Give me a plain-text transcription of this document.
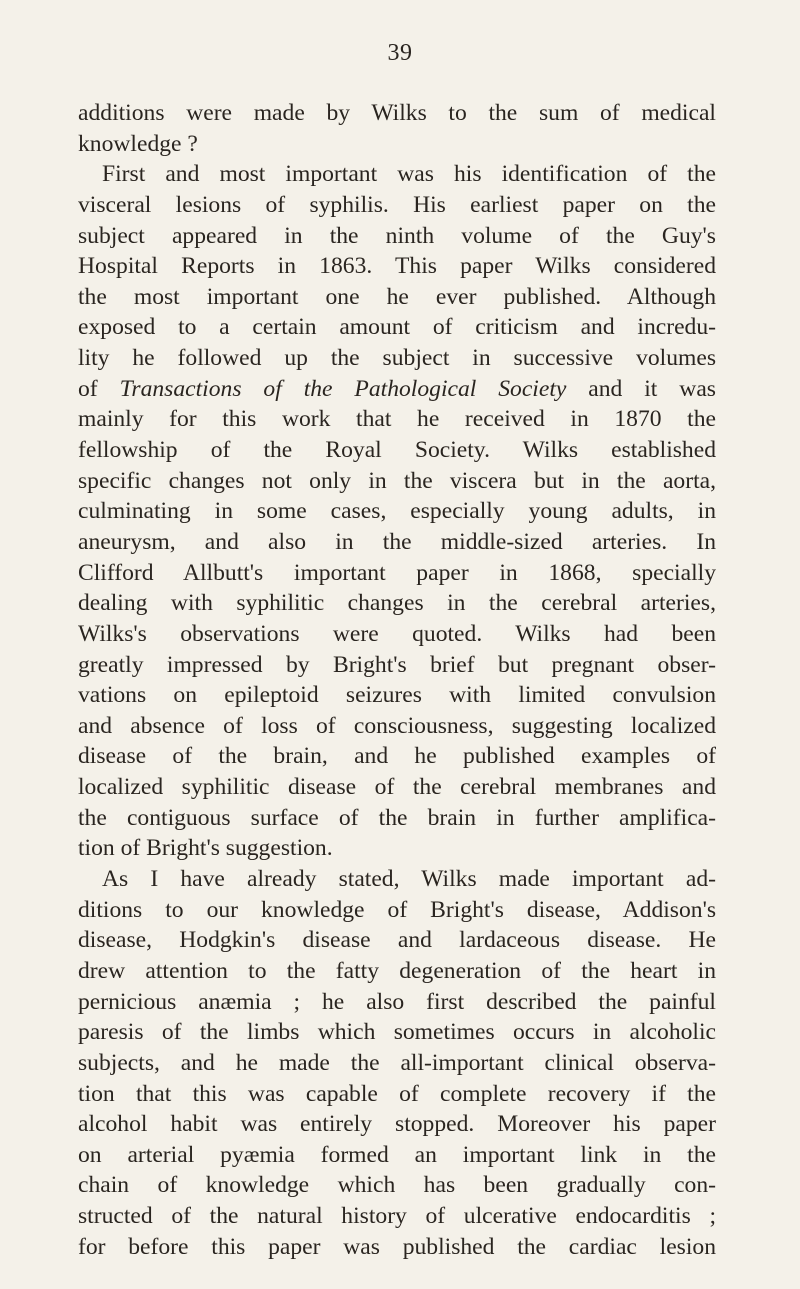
39
additions were made by Wilks to the sum of medical
knowledge ?
First and most important was his identification of the
visceral lesions of syphilis. His earliest paper on the
subject appeared in the ninth volume of the Guy's
Hospital Reports in 1863. This paper Wilks considered
the most important one he ever published. Although
exposed to a certain amount of criticism and incredu-
lity he followed up the subject in successive volumes
of Transactions of the Pathological Society and it was
mainly for this work that he received in 1870 the
fellowship of the Royal Society. Wilks established
specific changes not only in the viscera but in the aorta,
culminating in some cases, especially young adults, in
aneurysm, and also in the middle-sized arteries. In
Clifford Allbutt's important paper in 1868, specially
dealing with syphilitic changes in the cerebral arteries,
Wilks's observations were quoted. Wilks had been
greatly impressed by Bright's brief but pregnant obser-
vations on epileptoid seizures with limited convulsion
and absence of loss of consciousness, suggesting localized
disease of the brain, and he published examples of
localized syphilitic disease of the cerebral membranes and
the contiguous surface of the brain in further amplifica-
tion of Bright's suggestion.
As I have already stated, Wilks made important ad-
ditions to our knowledge of Bright's disease, Addison's
disease, Hodgkin's disease and lardaceous disease. He
drew attention to the fatty degeneration of the heart in
pernicious anæmia ; he also first described the painful
paresis of the limbs which sometimes occurs in alcoholic
subjects, and he made the all-important clinical observa-
tion that this was capable of complete recovery if the
alcohol habit was entirely stopped. Moreover his paper
on arterial pyæmia formed an important link in the
chain of knowledge which has been gradually con-
structed of the natural history of ulcerative endocarditis ;
for before this paper was published the cardiac lesion
